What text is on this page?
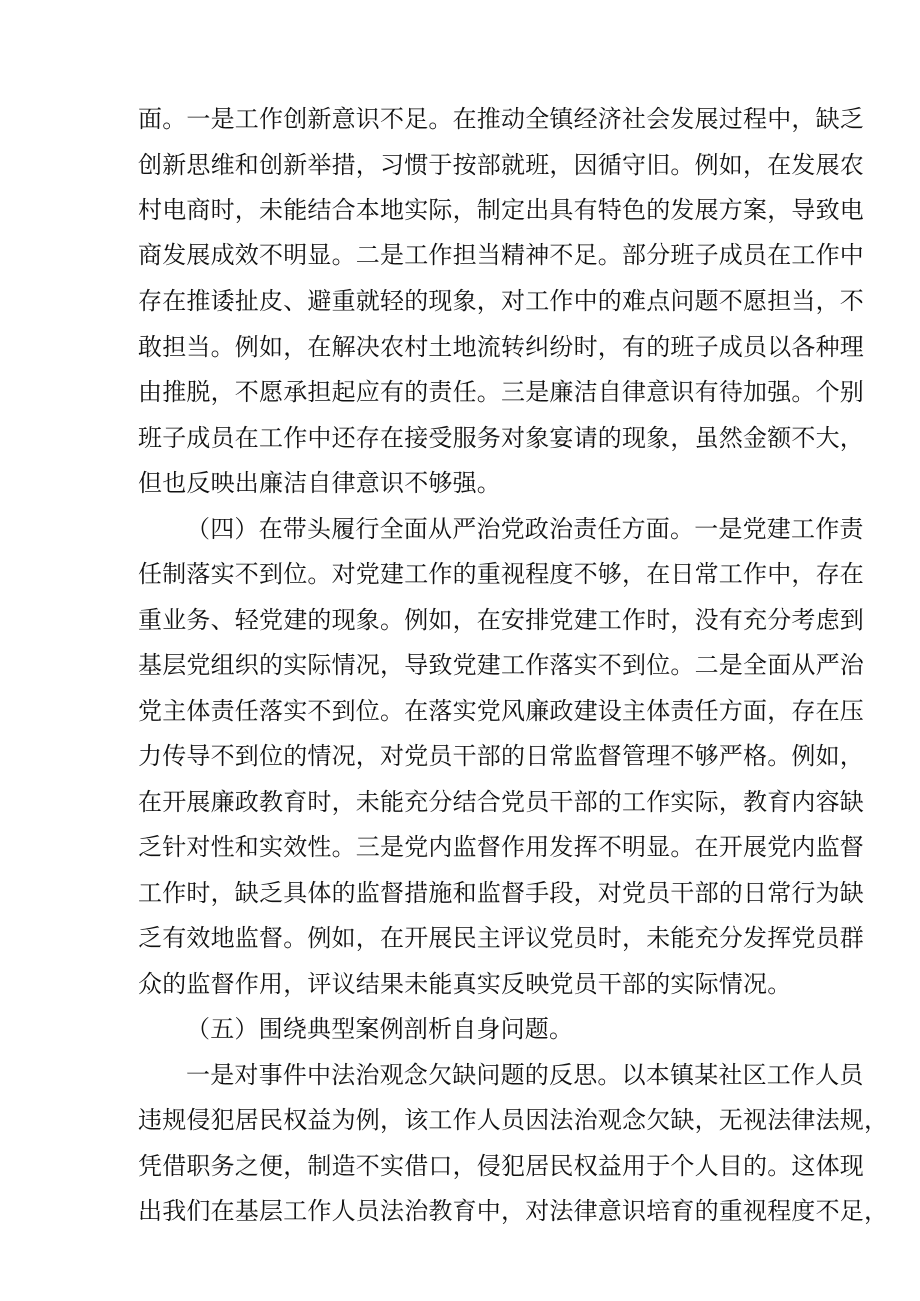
面。一是工作创新意识不足。在推动全镇经济社会发展过程中，缺乏
创新思维和创新举措，习惯于按部就班，因循守旧。例如，在发展农
村电商时，未能结合本地实际，制定出具有特色的发展方案，导致电
商发展成效不明显。二是工作担当精神不足。部分班子成员在工作中
存在推诿扯皮、避重就轻的现象，对工作中的难点问题不愿担当，不
敢担当。例如，在解决农村土地流转纠纷时，有的班子成员以各种理
由推脱，不愿承担起应有的责任。三是廉洁自律意识有待加强。个别
班子成员在工作中还存在接受服务对象宴请的现象，虽然金额不大，
但也反映出廉洁自律意识不够强。
（四）在带头履行全面从严治党政治责任方面。一是党建工作责
任制落实不到位。对党建工作的重视程度不够，在日常工作中，存在
重业务、轻党建的现象。例如，在安排党建工作时，没有充分考虑到
基层党组织的实际情况，导致党建工作落实不到位。二是全面从严治
党主体责任落实不到位。在落实党风廉政建设主体责任方面，存在压
力传导不到位的情况，对党员干部的日常监督管理不够严格。例如，
在开展廉政教育时，未能充分结合党员干部的工作实际，教育内容缺
乏针对性和实效性。三是党内监督作用发挥不明显。在开展党内监督
工作时，缺乏具体的监督措施和监督手段，对党员干部的日常行为缺
乏有效地监督。例如，在开展民主评议党员时，未能充分发挥党员群
众的监督作用，评议结果未能真实反映党员干部的实际情况。
（五）围绕典型案例剖析自身问题。
一是对事件中法治观念欠缺问题的反思。以本镇某社区工作人员
违规侵犯居民权益为例，该工作人员因法治观念欠缺，无视法律法规，
凭借职务之便，制造不实借口，侵犯居民权益用于个人目的。这体现
出我们在基层工作人员法治教育中，对法律意识培育的重视程度不足，
